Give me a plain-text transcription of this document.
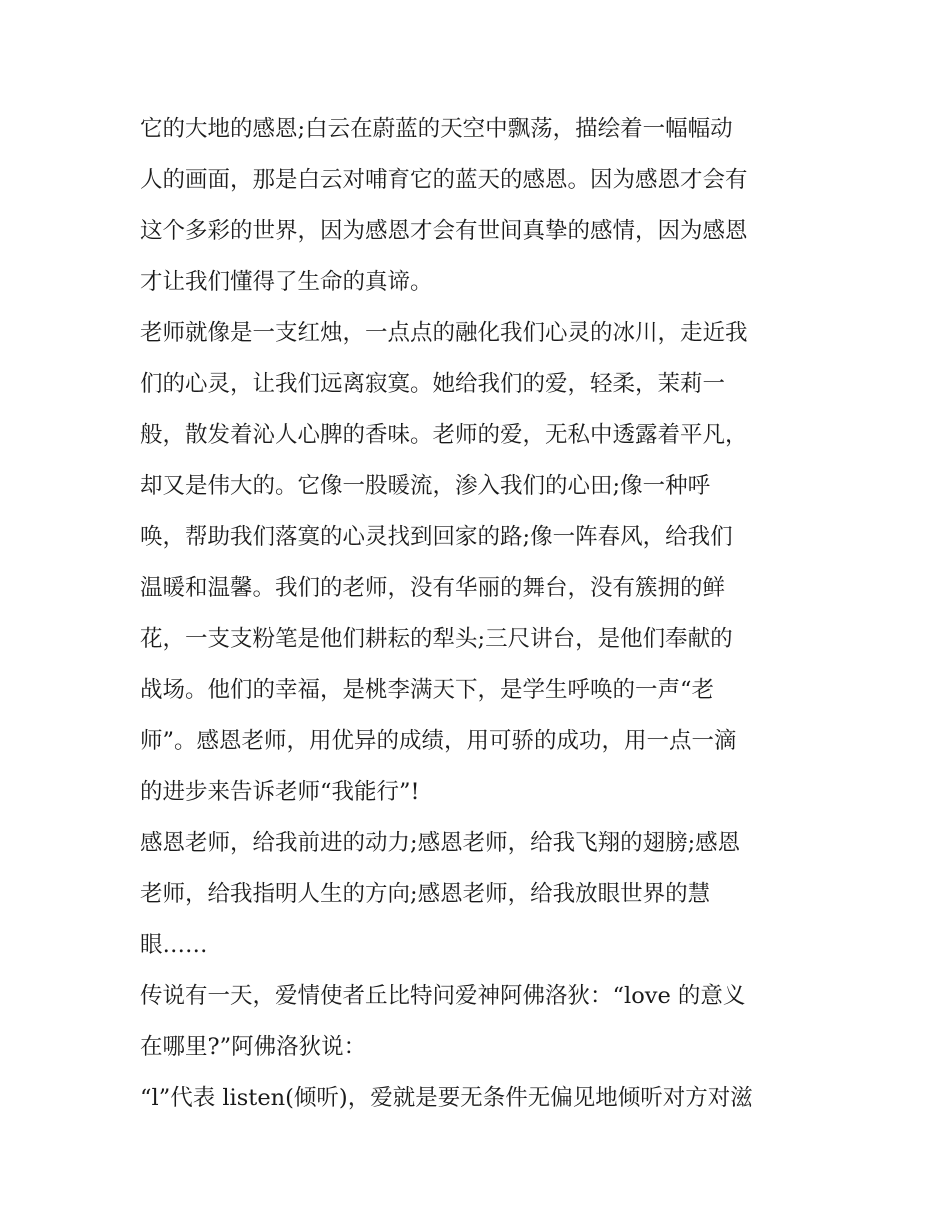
它的大地的感恩;白云在蔚蓝的天空中飘荡，描绘着一幅幅动
人的画面，那是白云对哺育它的蓝天的感恩。因为感恩才会有
这个多彩的世界，因为感恩才会有世间真挚的感情，因为感恩
才让我们懂得了生命的真谛。
老师就像是一支红烛，一点点的融化我们心灵的冰川，走近我
们的心灵，让我们远离寂寞。她给我们的爱，轻柔，茉莉一
般，散发着沁人心脾的香味。老师的爱，无私中透露着平凡，
却又是伟大的。它像一股暖流，渗入我们的心田;像一种呼
唤，帮助我们落寞的心灵找到回家的路;像一阵春风，给我们
温暖和温馨。我们的老师，没有华丽的舞台，没有簇拥的鲜
花，一支支粉笔是他们耕耘的犁头;三尺讲台，是他们奉献的
战场。他们的幸福，是桃李满天下，是学生呼唤的一声“老
师”。感恩老师，用优异的成绩，用可骄的成功，用一点一滴
的进步来告诉老师“我能行”!
感恩老师，给我前进的动力;感恩老师，给我飞翔的翅膀;感恩
老师，给我指明人生的方向;感恩老师，给我放眼世界的慧
眼……
传说有一天，爱情使者丘比特问爱神阿佛洛狄：“love 的意义
在哪里?”阿佛洛狄说：
“l”代表 listen(倾听)，爱就是要无条件无偏见地倾听对方对滋
